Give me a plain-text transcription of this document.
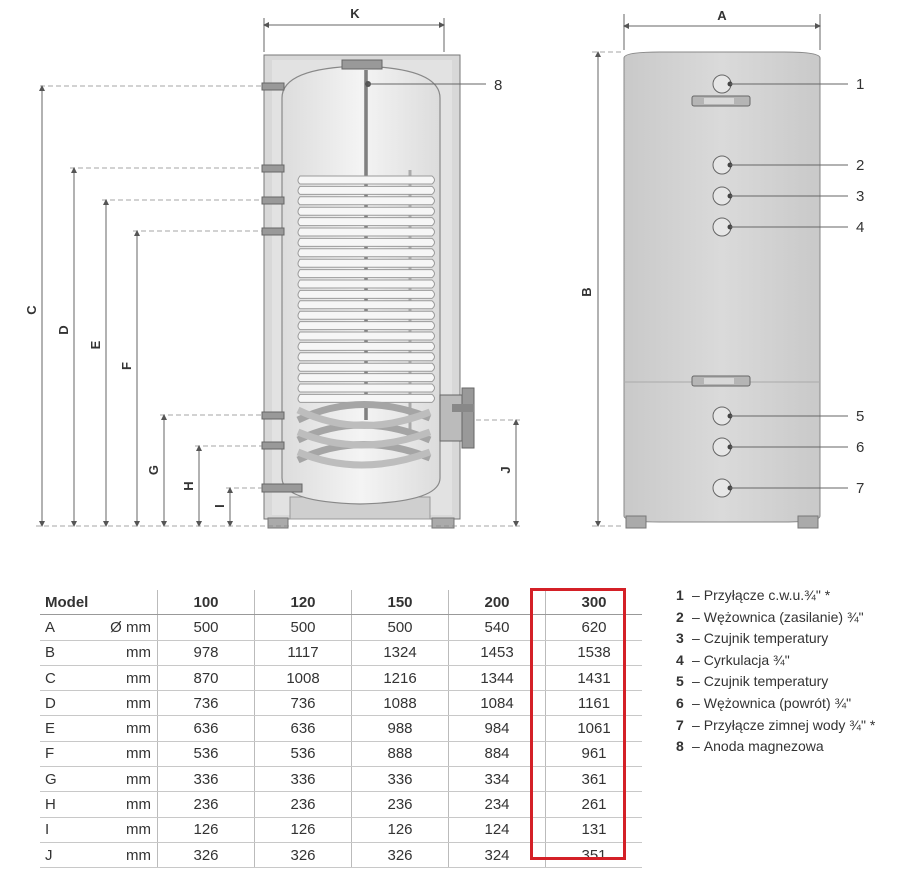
K
C
D
E
F
G
H
I
J
8
A
B
1
2
3
4
5
6
7
Model		100	120	150	200	300
A	Ø mm	500	500	500	540	620
B	mm	978	1117	1324	1453	1538
C	mm	870	1008	1216	1344	1431
D	mm	736	736	1088	1084	1161
E	mm	636	636	988	984	1061
F	mm	536	536	888	884	961
G	mm	336	336	336	334	361
H	mm	236	236	236	234	261
I	mm	126	126	126	124	131
J	mm	326	326	326	324	351
1 – Przyłącze c.w.u.¾" *
2 – Wężownica (zasilanie) ¾"
3 – Czujnik temperatury
4 – Cyrkulacja ¾"
5 – Czujnik temperatury
6 – Wężownica (powrót) ¾"
7 – Przyłącze zimnej wody ¾" *
8 – Anoda magnezowa
